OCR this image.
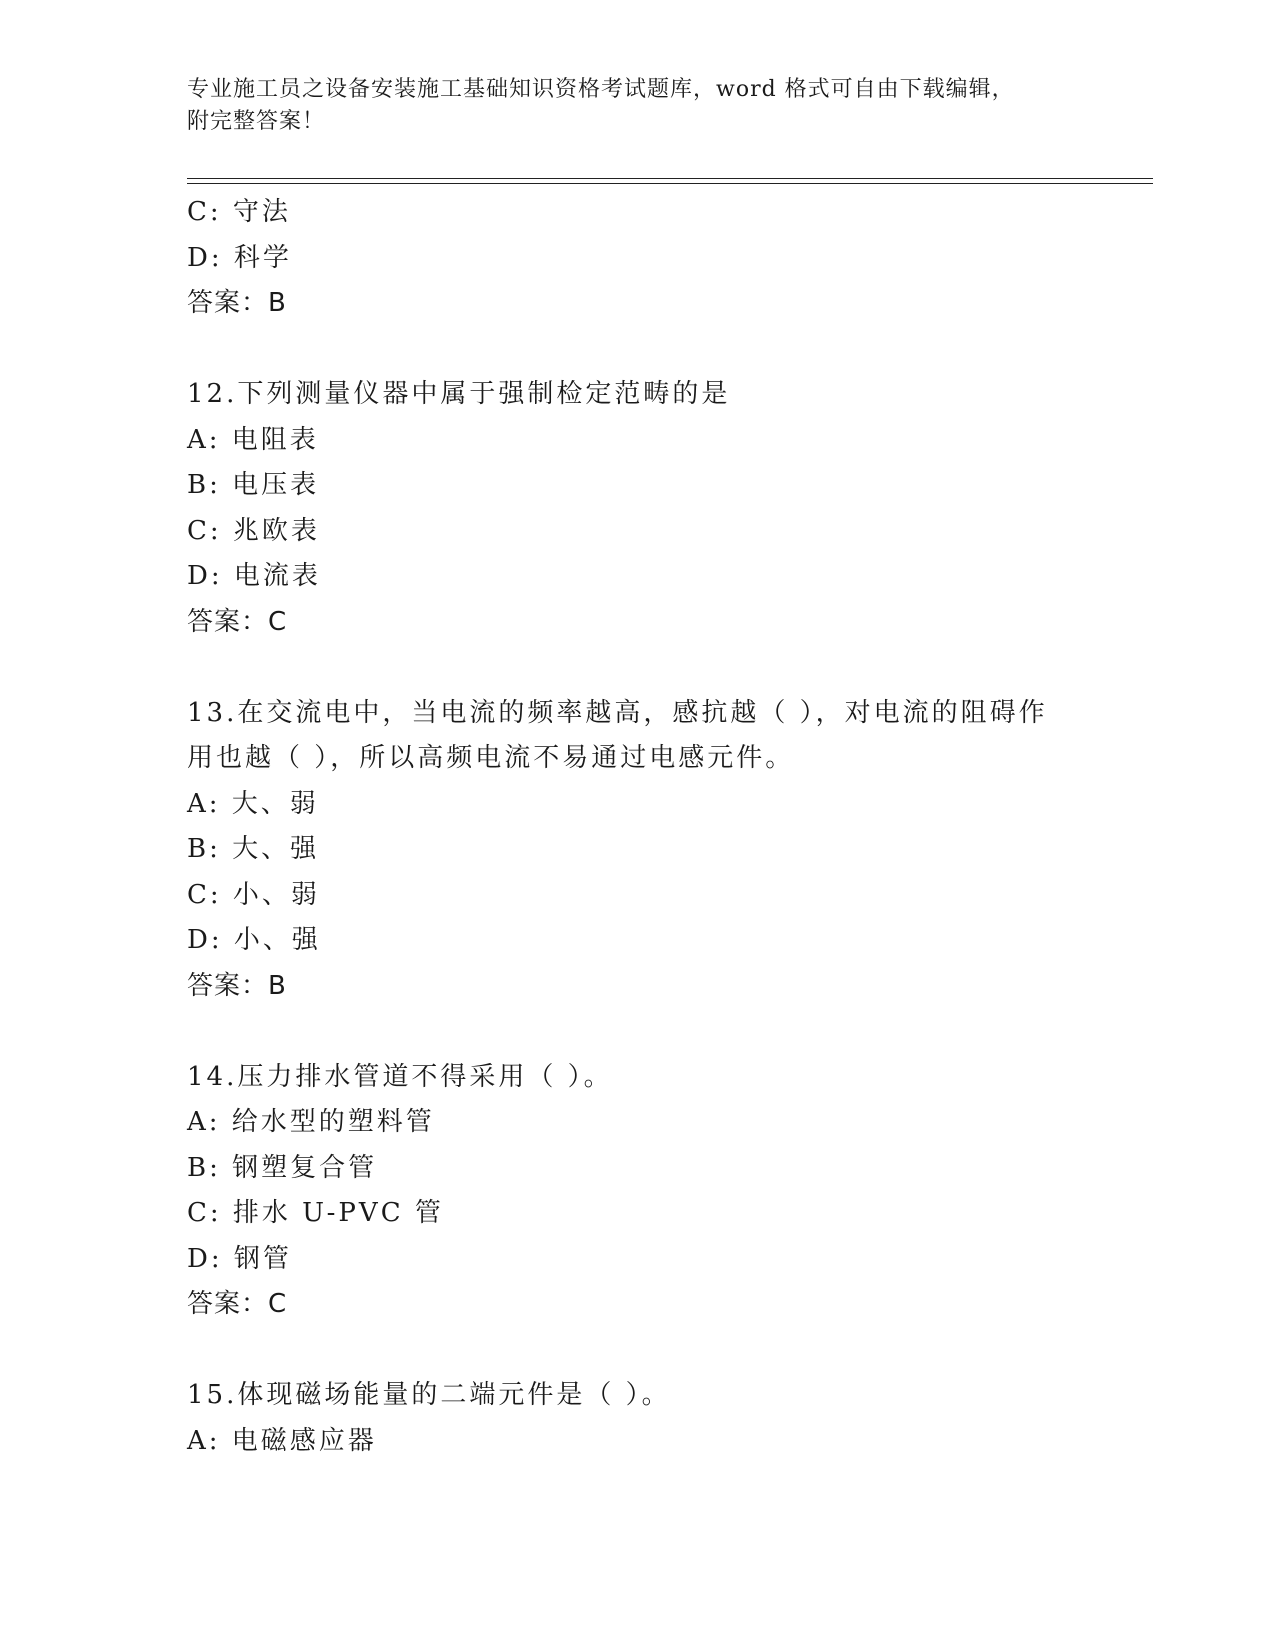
专业施工员之设备安装施工基础知识资格考试题库，word 格式可自由下载编辑，
附完整答案！
C: 守法
D: 科学
答案：B
12.下列测量仪器中属于强制检定范畴的是
A: 电阻表
B: 电压表
C: 兆欧表
D: 电流表
答案：C
13.在交流电中，当电流的频率越高，感抗越（ ），对电流的阻碍作
用也越（ ），所以高频电流不易通过电感元件。
A: 大、弱
B: 大、强
C: 小、弱
D: 小、强
答案：B
14.压力排水管道不得采用（ ）。
A: 给水型的塑料管
B: 钢塑复合管
C: 排水 U-PVC 管
D: 钢管
答案：C
15.体现磁场能量的二端元件是（ ）。
A: 电磁感应器
